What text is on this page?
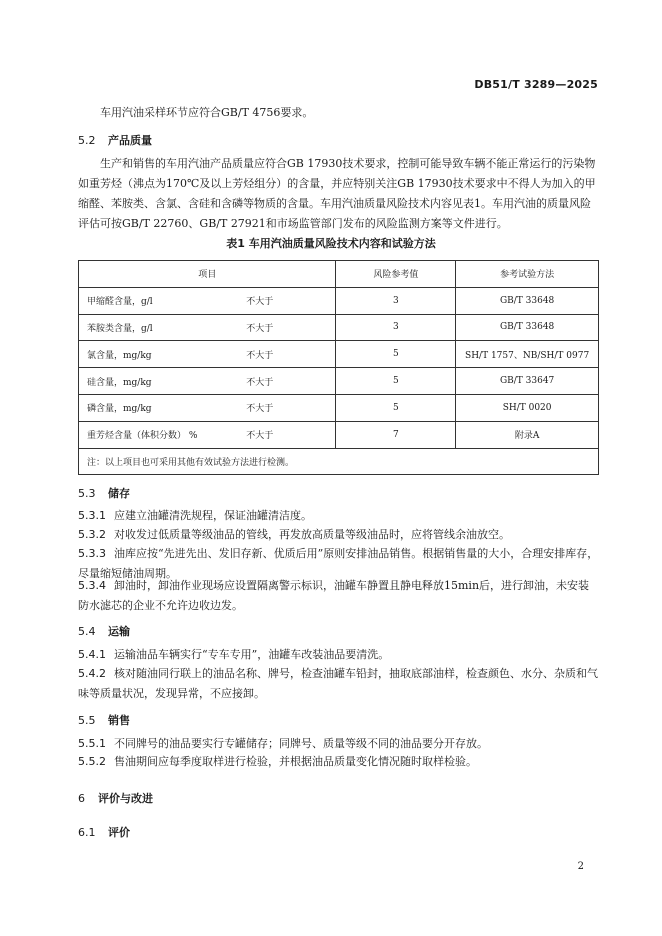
DB51/T 3289—2025
车用汽油采样环节应符合GB/T 4756要求。
5.2 产品质量
生产和销售的车用汽油产品质量应符合GB 17930技术要求，控制可能导致车辆不能正常运行的污染物如重芳烃（沸点为170℃及以上芳烃组分）的含量，并应特别关注GB 17930技术要求中不得人为加入的甲缩醛、苯胺类、含氯、含硅和含磷等物质的含量。车用汽油质量风险技术内容见表1。车用汽油的质量风险评估可按GB/T 22760、GB/T 27921和市场监管部门发布的风险监测方案等文件进行。
表1 车用汽油质量风险技术内容和试验方法
项目		风险参考值	参考试验方法
甲缩醛含量，g/l	不大于	3	GB/T 33648
苯胺类含量，g/l	不大于	3	GB/T 33648
氯含量，mg/kg	不大于	5	SH/T 1757、NB/SH/T 0977
硅含量，mg/kg	不大于	5	GB/T 33647
磷含量，mg/kg	不大于	5	SH/T 0020
重芳烃含量（体积分数） %	不大于	7	附录A
注：以上项目也可采用其他有效试验方法进行检测。			
5.3 储存
5.3.1 应建立油罐清洗规程，保证油罐清洁度。
5.3.2 对收发过低质量等级油品的管线，再发放高质量等级油品时，应将管线余油放空。
5.3.3 油库应按“先进先出、发旧存新、优质后用”原则安排油品销售。根据销售量的大小，合理安排库存，尽量缩短储油周期。
5.3.4 卸油时，卸油作业现场应设置隔离警示标识，油罐车静置且静电释放15min后，进行卸油，未安装防水滤芯的企业不允许边收边发。
5.4 运输
5.4.1 运输油品车辆实行“专车专用”，油罐车改装油品要清洗。
5.4.2 核对随油同行联上的油品名称、牌号，检查油罐车铅封，抽取底部油样，检查颜色、水分、杂质和气味等质量状况，发现异常，不应接卸。
5.5 销售
5.5.1 不同牌号的油品要实行专罐储存；同牌号、质量等级不同的油品要分开存放。
5.5.2 售油期间应每季度取样进行检验，并根据油品质量变化情况随时取样检验。
6 评价与改进
6.1 评价
2
